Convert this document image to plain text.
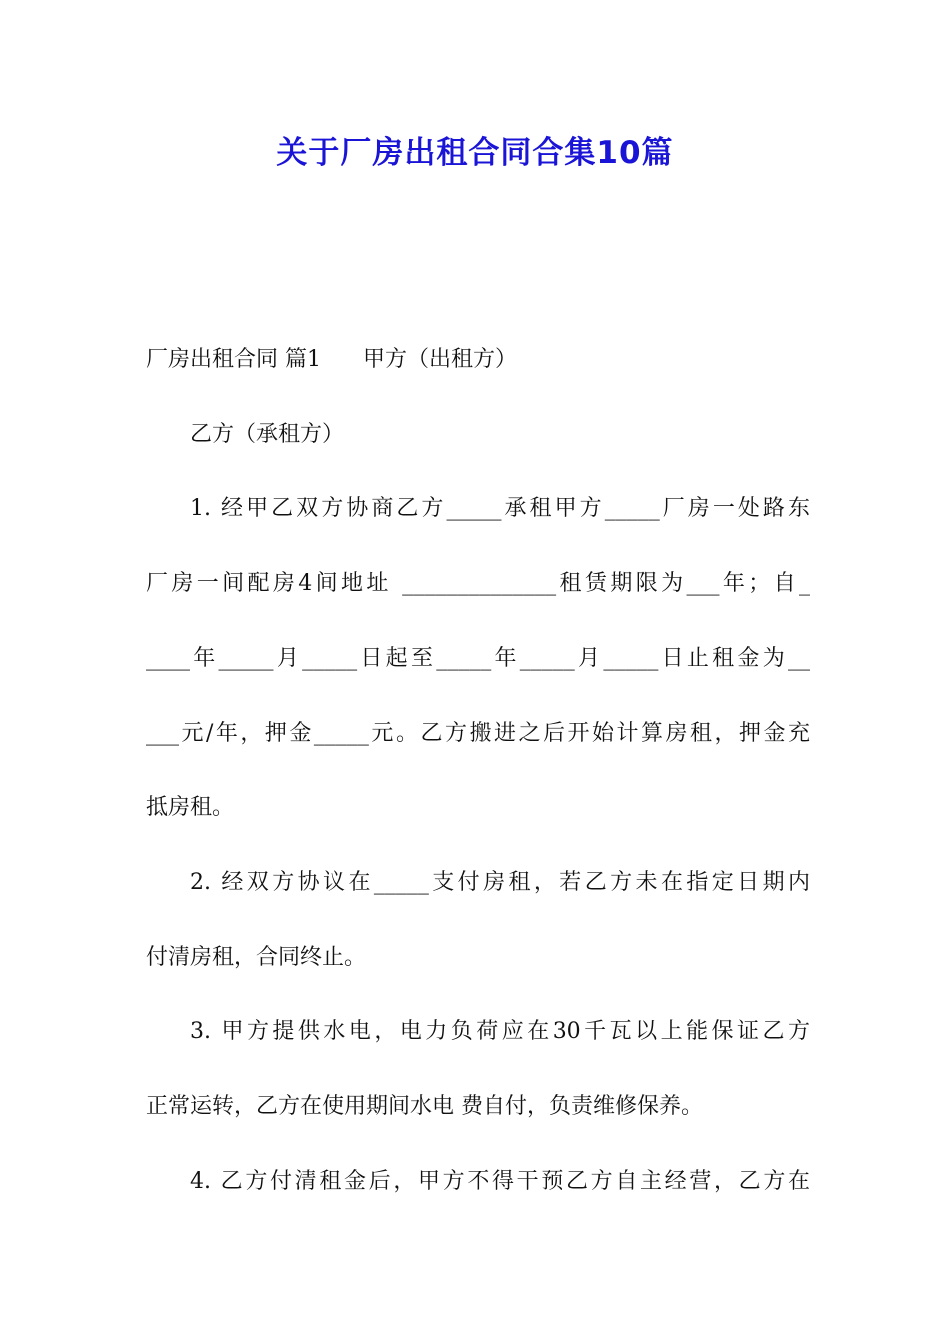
关于厂房出租合同合集10篇
厂房出租合同 篇1      甲方（出租方）
乙方（承租方）
1. 经甲乙双方协商乙方_____承租甲方_____厂房一处路东
厂房一间配房4间地址 ______________租赁期限为___年；自_
____年_____月_____日起至_____年_____月_____日止租金为__
___元/年，押金_____元。乙方搬进之后开始计算房租，押金充
抵房租。
2. 经双方协议在_____支付房租，若乙方未在指定日期内
付清房租，合同终止。
3. 甲方提供水电，电力负荷应在30千瓦以上能保证乙方
正常运转，乙方在使用期间水电 费自付，负责维修保养。
4. 乙方付清租金后，甲方不得干预乙方自主经营，乙方在
